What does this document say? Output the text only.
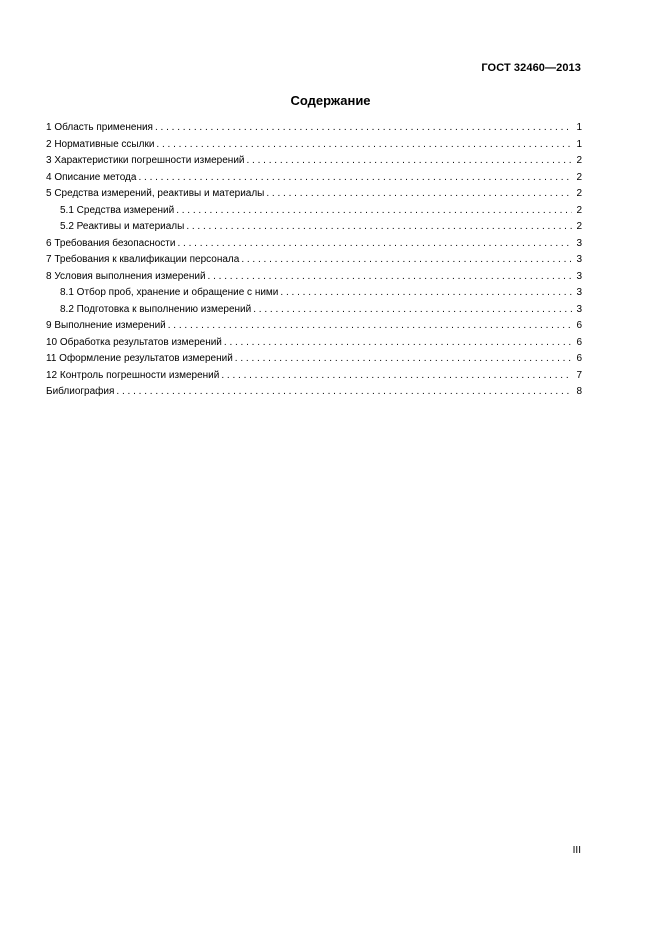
ГОСТ 32460—2013
Содержание
1 Область применения . . .	1
2 Нормативные ссылки . . .	1
3 Характеристики погрешности измерений . . .	2
4 Описание метода . . .	2
5 Средства измерений, реактивы и материалы . . .	2
5.1 Средства измерений . . .	2
5.2 Реактивы и материалы . . .	2
6 Требования безопасности . . .	3
7 Требования к квалификации персонала . . .	3
8 Условия выполнения измерений . . .	3
8.1 Отбор проб, хранение и обращение с ними . . .	3
8.2 Подготовка к выполнению измерений . . .	3
9 Выполнение измерений . . .	6
10 Обработка результатов измерений . . .	6
11 Оформление результатов измерений . . .	6
12 Контроль погрешности измерений . . .	7
Библиография . . .	8
III
